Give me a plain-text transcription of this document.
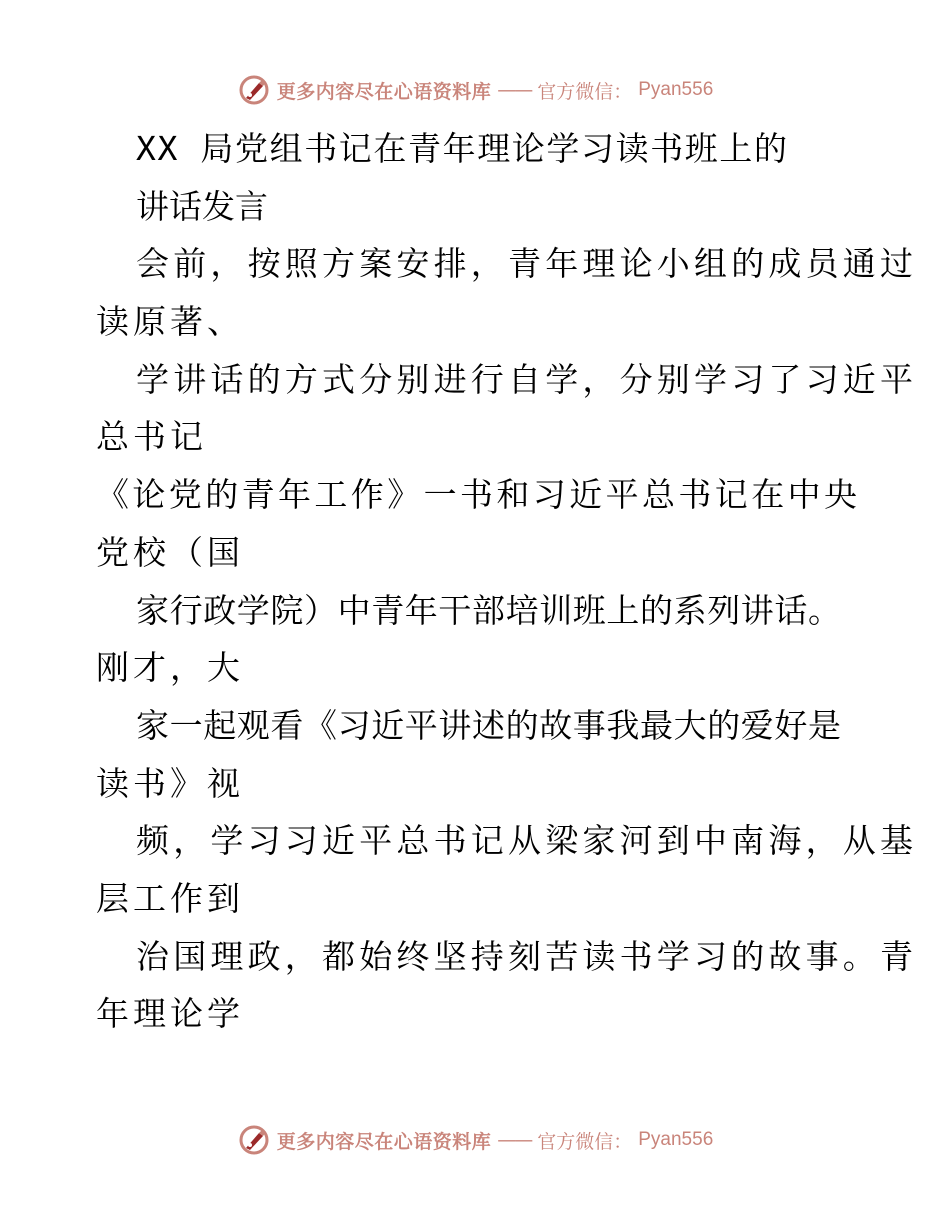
更多内容尽在心语资料库 —— 官方微信： Pyan556
XX 局党组书记在青年理论学习读书班上的
讲话发言
会前，按照方案安排，青年理论小组的成员通过
读原著、
学讲话的方式分别进行自学，分别学习了习近平
总书记
《论党的青年工作》一书和习近平总书记在中央
党校（国
家行政学院）中青年干部培训班上的系列讲话。
刚才，大
家一起观看《习近平讲述的故事我最大的爱好是
读书》视
频，学习习近平总书记从梁家河到中南海，从基
层工作到
治国理政，都始终坚持刻苦读书学习的故事。青
年理论学
更多内容尽在心语资料库 —— 官方微信： Pyan556
